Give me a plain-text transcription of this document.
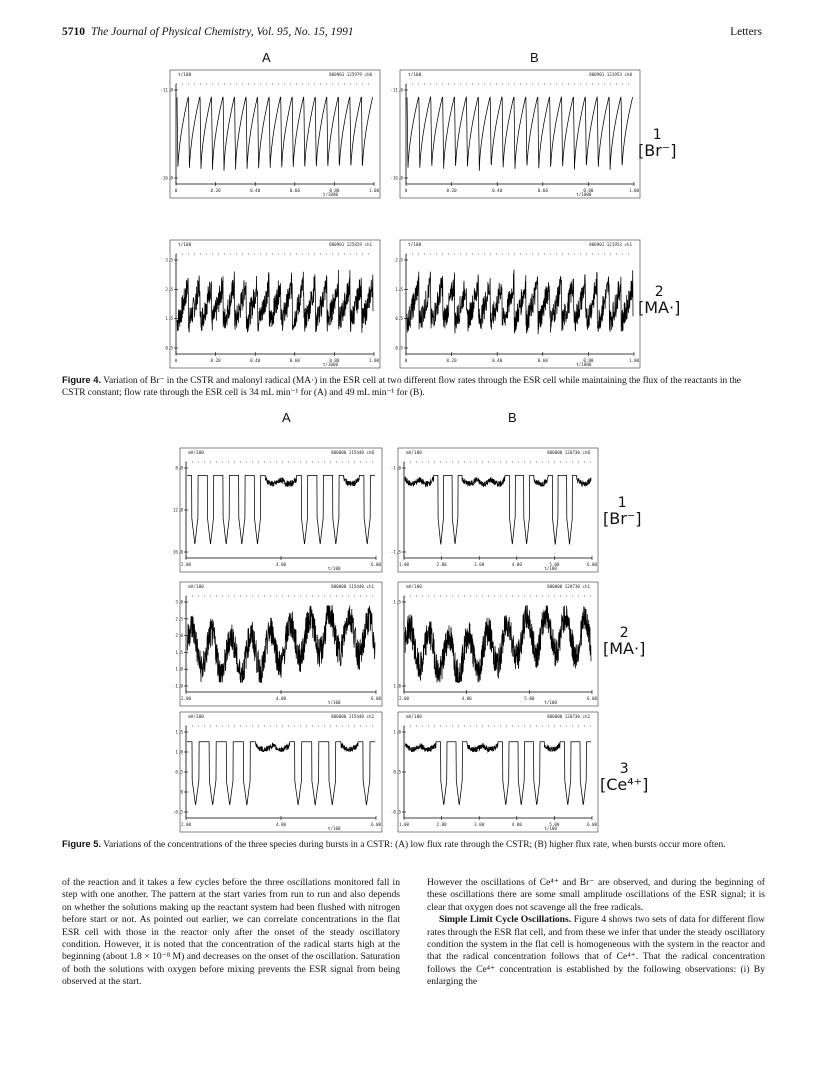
5710 The Journal of Physical Chemistry, Vol. 95, No. 15, 1991	Letters
A	B
1
[Br⁻]
2
[MA·]
Figure 4. Variation of Br⁻ in the CSTR and malonyl radical (MA·) in the ESR cell at two different flow rates through the ESR cell while maintaining the flux of the reactants in the CSTR constant; flow rate through the ESR cell is 34 mL min⁻¹ for (A) and 49 mL min⁻¹ for (B).
A	B
1
[Br⁻]
2
[MA·]
3
[Ce⁴⁺]
Figure 5. Variations of the concentrations of the three species during bursts in a CSTR: (A) low flux rate through the CSTR; (B) higher flux rate, when bursts occur more often.
t/100	800901 125979 ch0
-11.0
-16.0
0	0.20	0.40	0.60	0.80	1.00
t/1000
t/100	800901 121953 ch0
-11.0
-16.0
0	0.20	0.40	0.60	0.80	1.00
t/1000
t/100	800901 125829 ch1
3.5
2.5
1.5
0.5
0	0.20	0.40	0.60	0.80	1.00
t/1000
t/100	800901 121953 ch1
2.5
1.5
0.5
-0.5
0	0.20	0.40	0.60	0.80	1.00
t/1000
mV/100	800000 115440 ch0
8.0
12.0
16.0
2.00	4.00	6.00
t/100
mV/100	800000 120730 ch0
-1.0
-1.5
1.00	2.00	3.00	4.00	5.00	6.00
t/100
mV/100	800000 115440 ch1
3.0
2.5
2.0
1.5
1.0
-1.0
2.00	4.00	6.00
t/100
mV/100	800000 120730 ch1
1.5
1.0
2.00	4.00	5.00	6.00
t/100
mV/100	800000 115440 ch2
1.5
1.0
0.5
0
-0.5
2.00	4.00	6.00
t/100
mV/100	800000 120730 ch2
1.0
0.5
-0.5
1.00	2.00	3.00	4.00	5.00	6.00
t/100

of the reaction and it takes a few cycles before the three oscillations monitored fall in step with one another. The pattern at the start varies from run to run and also depends on whether the solutions making up the reactant system had been flushed with nitrogen before start or not. As pointed out earlier, we can correlate concentrations in the flat ESR cell with those in the reactor only after the onset of the steady oscillatory condition. However, it is noted that the concentration of the radical starts high at the beginning (about 1.8 × 10⁻⁸ M) and decreases on the onset of the oscillation. Saturation of both the solutions with oxygen before mixing prevents the ESR signal from being observed at the start.

However the oscillations of Ce⁴⁺ and Br⁻ are observed, and during the beginning of these oscillations there are some small amplitude oscillations of the ESR signal; it is clear that oxygen does not scavenge all the free radicals.

Simple Limit Cycle Oscillations. Figure 4 shows two sets of data for different flow rates through the ESR flat cell, and from these we infer that under the steady oscillatory condition the system in the flat cell is homogeneous with the system in the reactor and that the radical concentration follows that of Ce⁴⁺. That the radical concentration follows the Ce⁴⁺ concentration is established by the following observations: (i) By enlarging the
